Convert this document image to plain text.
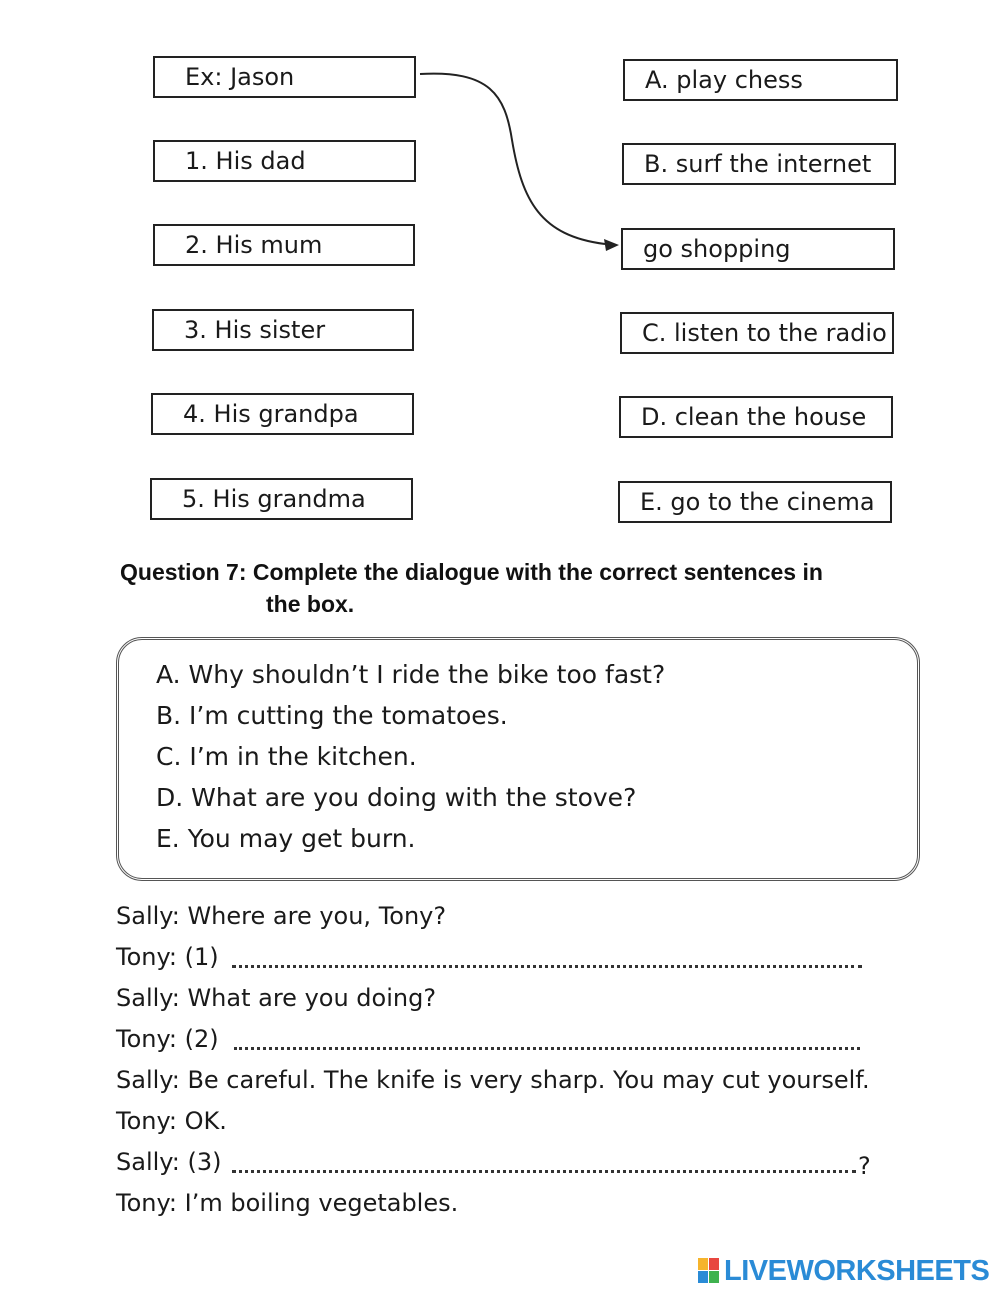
Ex: Jason
1. His dad
2. His mum
3. His sister
4. His grandpa
5. His grandma
A. play chess
B. surf the internet
go shopping
C. listen to the radio
D. clean the house
E. go to the cinema
Question 7: Complete the dialogue with the correct sentences in
the box.
A. Why shouldn’t I ride the bike too fast?
B. I’m cutting the tomatoes.
C. I’m in the kitchen.
D. What are you doing with the stove?
E. You may get burn.
Sally: Where are you, Tony?
Tony: (1)
Sally: What are you doing?
Tony: (2)
Sally: Be careful. The knife is very sharp. You may cut yourself.
Tony: OK.
Sally: (3)	?
Tony: I’m boiling vegetables.
LIVEWORKSHEETS
